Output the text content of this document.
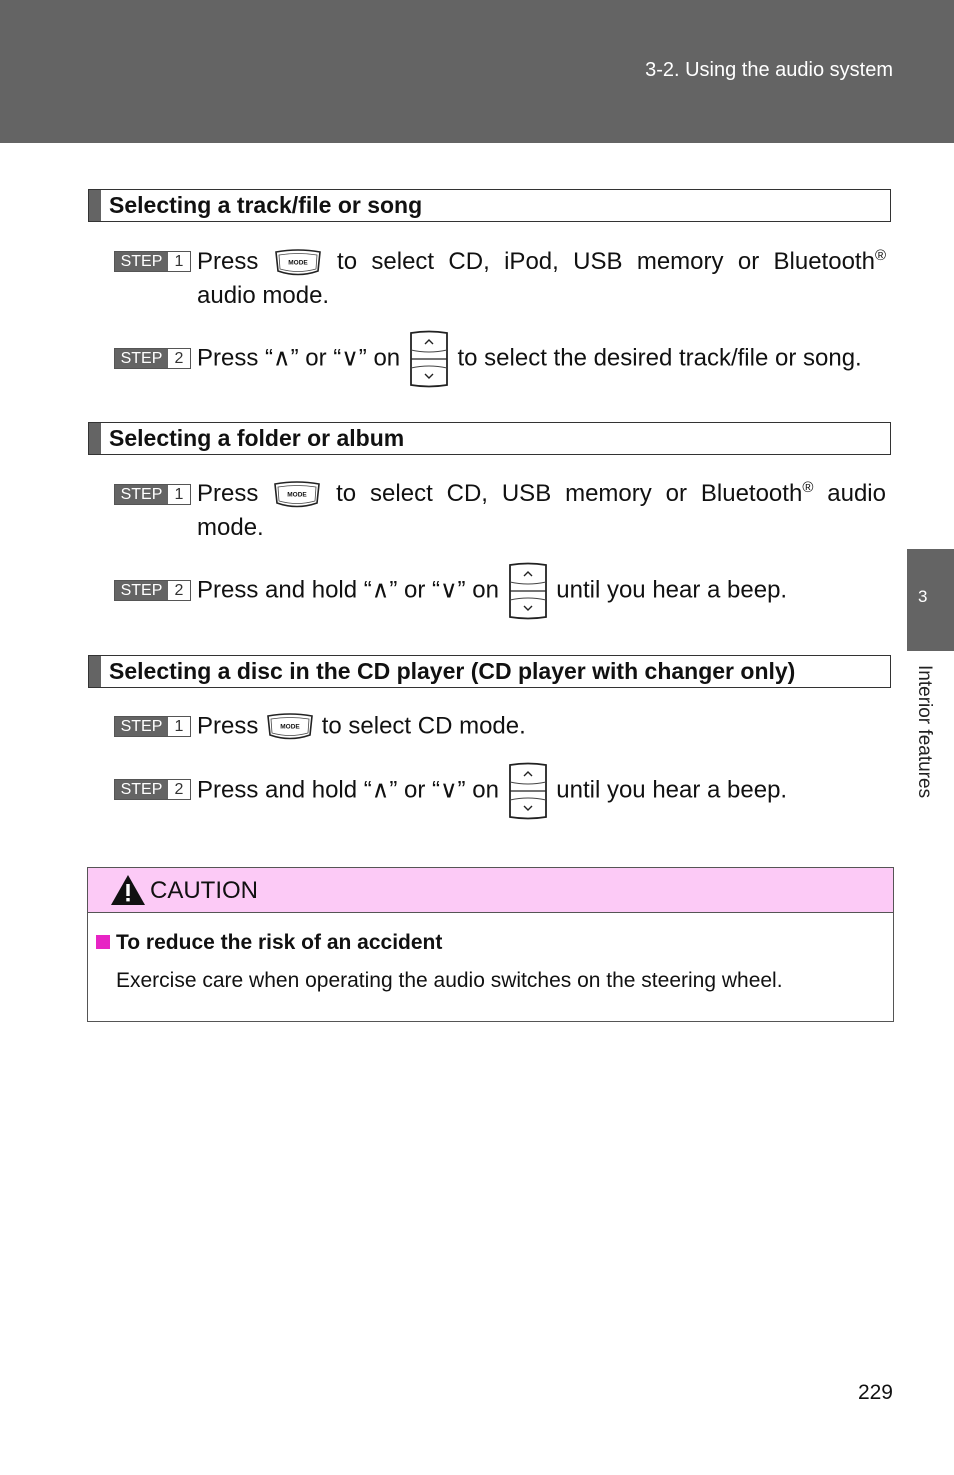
3-2. Using the audio system
3
Interior features
Selecting a track/file or song
STEP 1 Press	to select CD, iPod, USB memory or Bluetooth®
audio mode.
STEP 2 Press “∧” or “∨” on to select the desired track/file or song.
Selecting a folder or album
STEP 1 Press	to select CD, USB memory or Bluetooth® audio
mode.
STEP 2 Press and hold “∧” or “∨” on until you hear a beep.
Selecting a disc in the CD player (CD player with changer only)
STEP 1 Press	to select CD mode.
STEP 2 Press and hold “∧” or “∨” on until you hear a beep.
CAUTION
To reduce the risk of an accident
Exercise care when operating the audio switches on the steering wheel.
229
